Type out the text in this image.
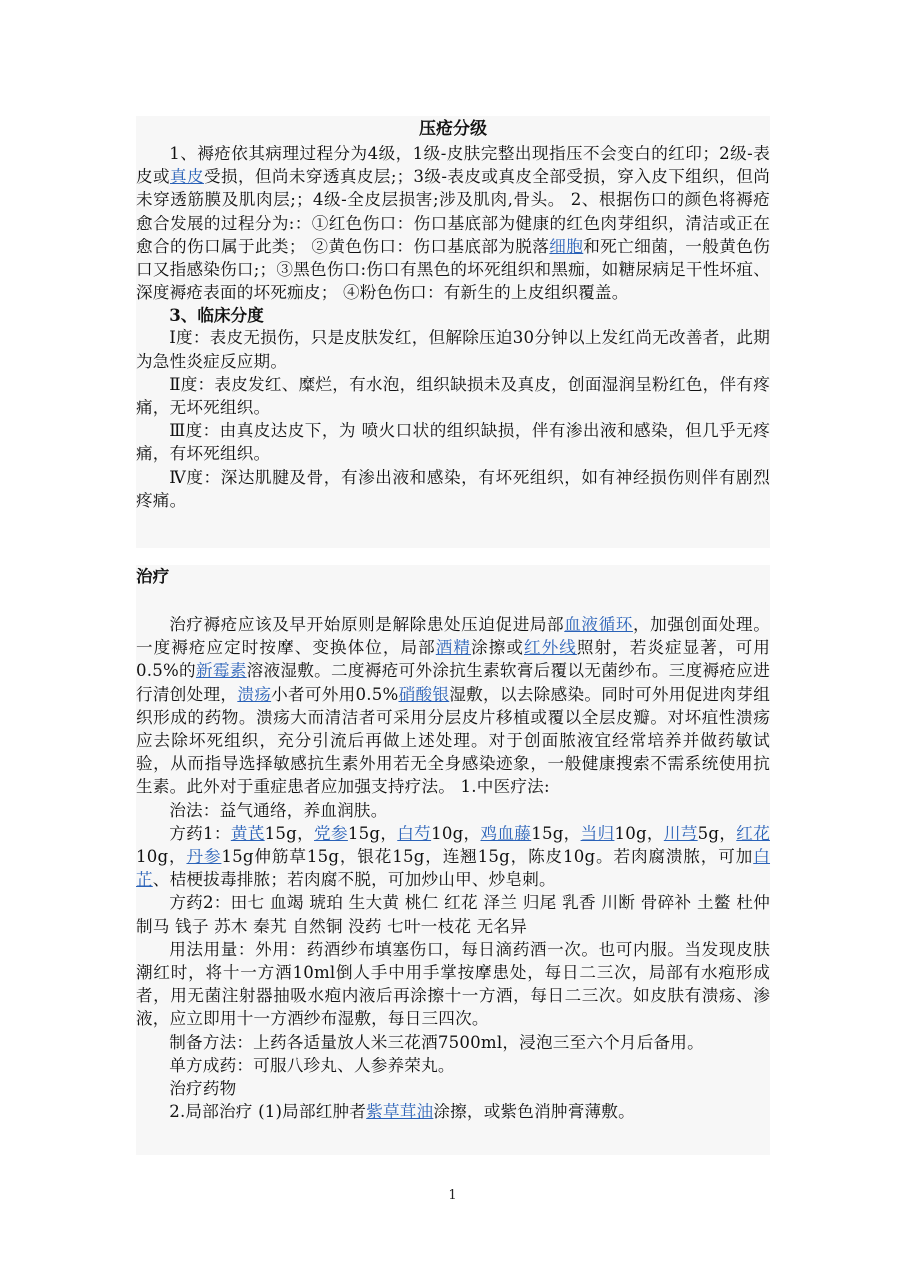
压疮分级

1、褥疮依其病理过程分为4级，1级-皮肤完整出现指压不会变白的红印；2级-表皮或真皮受损，但尚未穿透真皮层;；3级-表皮或真皮全部受损，穿入皮下组织，但尚未穿透筋膜及肌肉层;；4级-全皮层损害;涉及肌肉,骨头。 2、根据伤口的颜色将褥疮愈合发展的过程分为:：①红色伤口：伤口基底部为健康的红色肉芽组织，清洁或正在愈合的伤口属于此类； ②黄色伤口：伤口基底部为脱落细胞和死亡细菌，一般黄色伤口又指感染伤口;；③黑色伤口:伤口有黑色的坏死组织和黑痂，如糖尿病足干性坏疽、深度褥疮表面的坏死痂皮； ④粉色伤口：有新生的上皮组织覆盖。

3、临床分度

Ⅰ度：表皮无损伤，只是皮肤发红，但解除压迫30分钟以上发红尚无改善者，此期为急性炎症反应期。

Ⅱ度：表皮发红、糜烂，有水泡，组织缺损未及真皮，创面湿润呈粉红色，伴有疼痛，无坏死组织。

Ⅲ度：由真皮达皮下，为 喷火口状的组织缺损，伴有渗出液和感染，但几乎无疼痛，有坏死组织。

Ⅳ度：深达肌腱及骨，有渗出液和感染，有坏死组织，如有神经损伤则伴有剧烈疼痛。

治疗

治疗褥疮应该及早开始原则是解除患处压迫促进局部血液循环，加强创面处理。一度褥疮应定时按摩、变换体位，局部酒精涂擦或红外线照射，若炎症显著，可用0.5%的新霉素溶液湿敷。二度褥疮可外涂抗生素软膏后覆以无菌纱布。三度褥疮应进行清创处理，溃疡小者可外用0.5%硝酸银湿敷，以去除感染。同时可外用促进肉芽组织形成的药物。溃疡大而清洁者可采用分层皮片移植或覆以全层皮瓣。对坏疽性溃疡应去除坏死组织，充分引流后再做上述处理。对于创面脓液宜经常培养并做药敏试验，从而指导选择敏感抗生素外用若无全身感染迹象，一般健康搜索不需系统使用抗生素。此外对于重症患者应加强支持疗法。 1.中医疗法:

治法：益气通络，养血润肤。

方药1：黄芪15g，党参15g，白芍10g，鸡血藤15g，当归10g，川芎5g，红花10g，丹参15g伸筋草15g，银花15g，连翘15g，陈皮10g。若肉腐溃脓，可加白芷、桔梗拔毒排脓；若肉腐不脱，可加炒山甲、炒皂刺。

方药2：田七 血竭 琥珀 生大黄 桃仁 红花 泽兰 归尾 乳香 川断 骨碎补 土鳖 杜仲 制马 钱子 苏木 秦艽 自然铜 没药 七叶一枝花 无名异

用法用量：外用：药酒纱布填塞伤口，每日滴药酒一次。也可内服。当发现皮肤潮红时，将十一方酒10ml倒人手中用手掌按摩患处，每日二三次，局部有水疱形成者，用无菌注射器抽吸水疱内液后再涂擦十一方酒，每日二三次。如皮肤有溃疡、渗液，应立即用十一方酒纱布湿敷，每日三四次。

制备方法：上药各适量放人米三花酒7500ml，浸泡三至六个月后备用。

单方成药：可服八珍丸、人参养荣丸。

治疗药物

2.局部治疗 (1)局部红肿者紫草茸油涂擦，或紫色消肿膏薄敷。

1
